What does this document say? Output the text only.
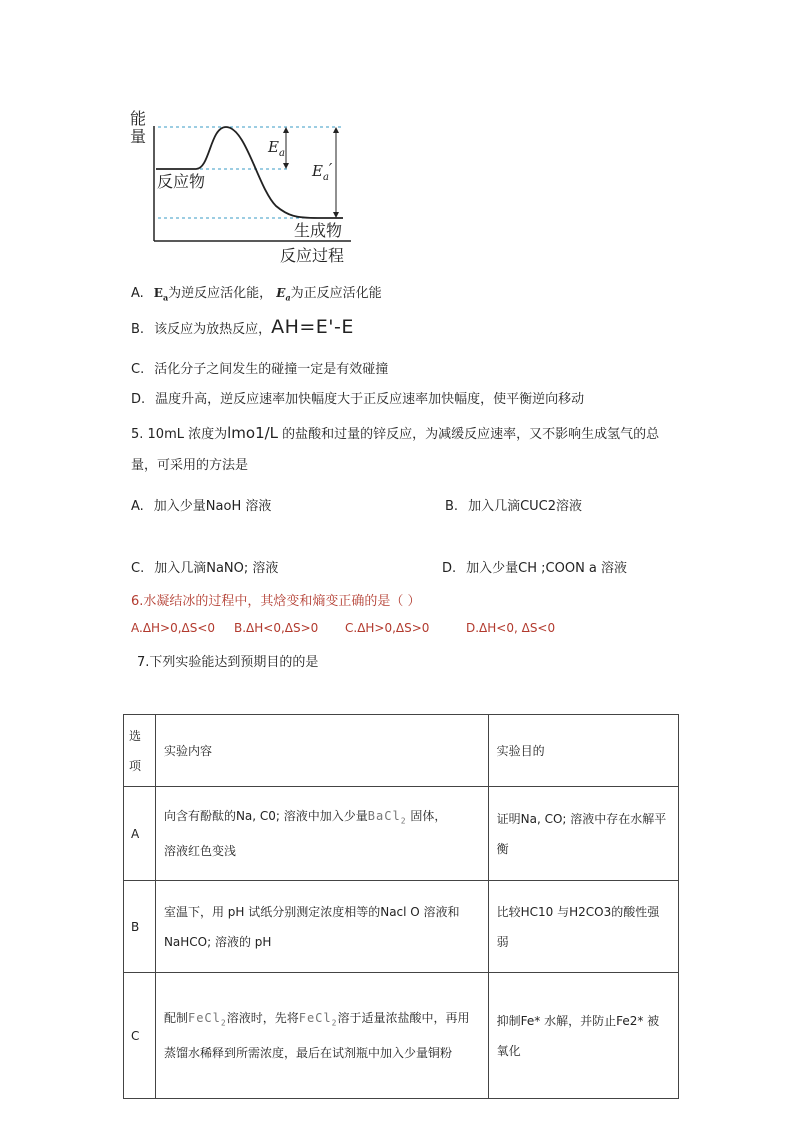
能
量
$E_a$
$E_a'$
反应物
生成物
反应过程
A. $E_a$为逆反应活化能， $E_a$为正反应活化能
B. 该反应为放热反应，AH=E'-E
C. 活化分子之间发生的碰撞一定是有效碰撞
D. 温度升高，逆反应速率加快幅度大于正反应速率加快幅度，使平衡逆向移动
5. 10mL 浓度为lmo1/L 的盐酸和过量的锌反应，为减缓反应速率，又不影响生成氢气的总
量，可采用的方法是
A. 加入少量NaoH 溶液	B. 加入几滴CUC2溶液
C. 加入几滴NaNO; 溶液	D. 加入少量CH ;COON a 溶液
6.水凝结冰的过程中，其焓变和熵变正确的是（ ）
A.ΔH>0,ΔS<0 B.ΔH<0,ΔS>0 C.ΔH>0,ΔS>0	D.ΔH<0, ΔS<0
7.下列实验能达到预期目的的是
选
项	实验内容	实验目的

A	向含有酚酞的Na, C0; 溶液中加入少量BaCl$_2$ 固体，
溶液红色变浅	证明Na, CO; 溶液中存在水解平衡

B	室温下，用 pH 试纸分别测定浓度相等的Nacl O 溶液和 NaHCO; 溶液的 pH	比较HC10 与H2CO3的酸性强弱

C	配制FeCl$_2$溶液时，先将FeCl$_2$溶于适量浓盐酸中，再用蒸馏水稀释到所需浓度，最后在试剂瓶中加入少量铜粉	抑制Fe* 水解，并防止Fe2* 被氧化
